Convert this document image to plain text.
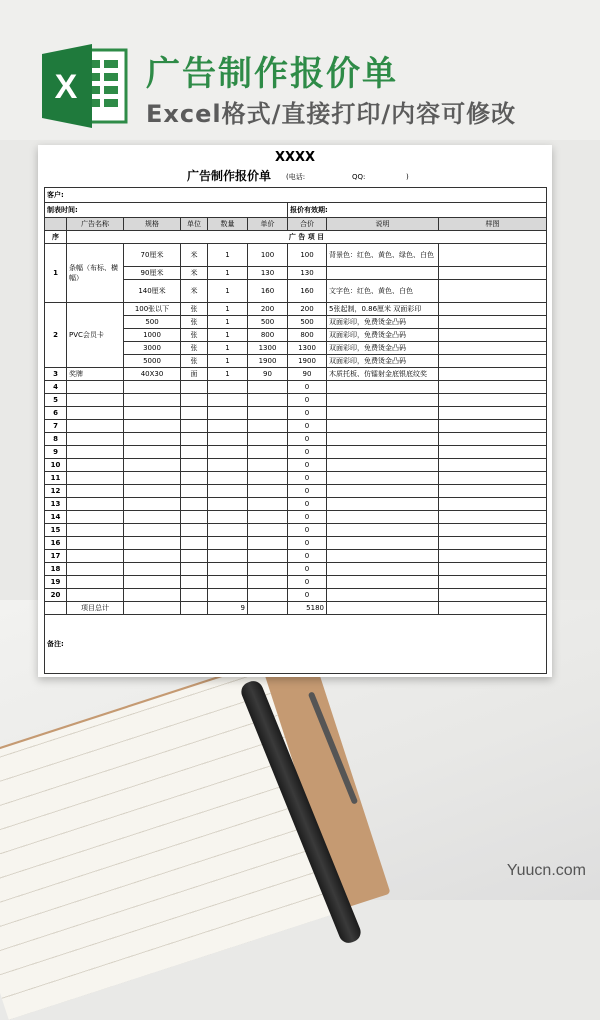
X 广告制作报价单
Excel格式/直接打印/内容可修改
Yuucn.com
XXXX
广告制作报价单 (电话:	QQ:	)
客户:								
制表时间:						报价有效期:		
	广告名称	规格	单位	数量	单价	合价	说明	样图
序	广 告 项 目							
1	条幅（布标、横幅）	70厘米	米	1	100	100	背景色：红色、黄色、绿色、白色	
		90厘米	米	1	130	130		
		140厘米	米	1	160	160	文字色：红色、黄色、白色	
2	PVC会员卡	100张以下	张	1	200	200	5张起制，0.86厘米 双面彩印	
		500	张	1	500	500	双面彩印，免费烫金凸码	
		1000	张	1	800	800	双面彩印，免费烫金凸码	
		3000	张	1	1300	1300	双面彩印，免费烫金凸码	
		5000	张	1	1900	1900	双面彩印，免费烫金凸码	
3	奖牌	40X30	面	1	90	90	木质托板、仿镭射金底银底纹奖	
4						0		
5						0		
6						0		
7						0		
8						0		
9						0		
10						0		
11						0		
12						0		
13						0		
14						0		
15						0		
16						0		
17						0		
18						0		
19						0		
20						0		
	项目总计			9		5180		
备注:								
